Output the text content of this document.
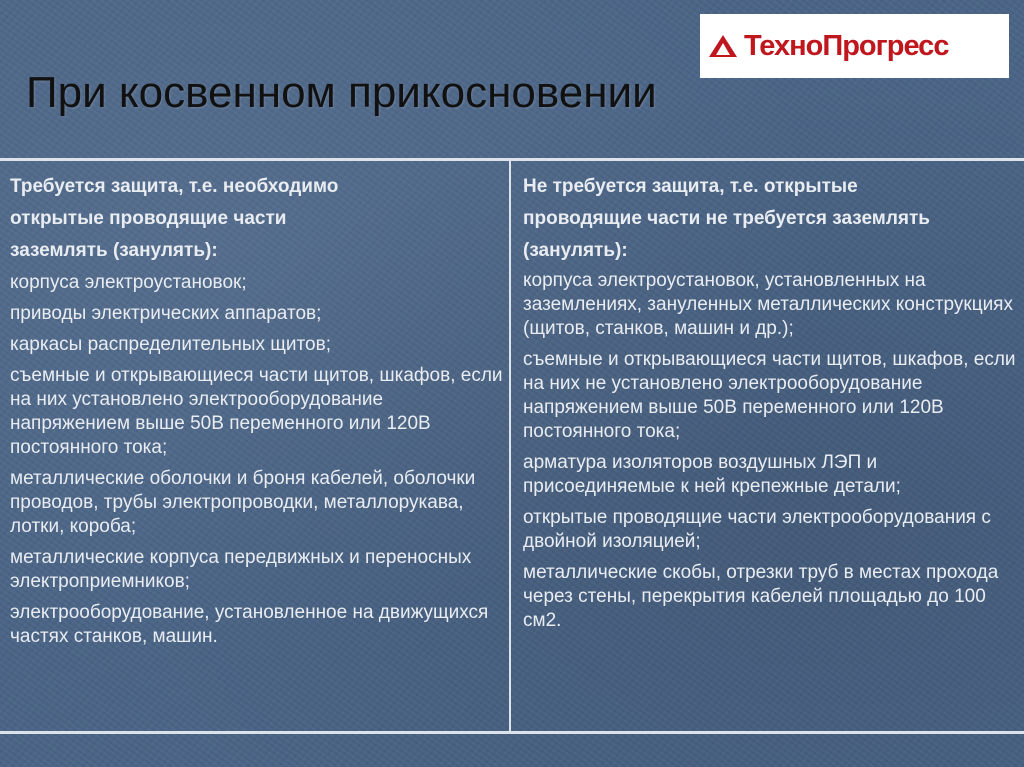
ТехноПрогресс
При косвенном прикосновении
Требуется защита, т.е. необходимо открытые проводящие части заземлять (занулять):
корпуса электроустановок;
приводы электрических аппаратов;
каркасы распределительных щитов;
съемные и открывающиеся части щитов, шкафов, если на них установлено электрооборудование напряжением выше 50В переменного или 120В постоянного тока;
металлические оболочки и броня кабелей, оболочки проводов, трубы электропроводки, металлорукава, лотки, короба;
металлические корпуса передвижных и переносных электроприемников;
электрооборудование, установленное на движущихся частях станков, машин.
Не требуется защита, т.е. открытые проводящие части не требуется заземлять (занулять):
корпуса электроустановок, установленных на заземлениях, зануленных металлических конструкциях (щитов, станков, машин и др.);
съемные и открывающиеся части щитов, шкафов, если на них не установлено электрооборудование напряжением выше 50В переменного или 120В постоянного тока;
арматура изоляторов воздушных ЛЭП и присоединяемые к ней крепежные детали;
открытые проводящие части электрооборудования с двойной изоляцией;
металлические скобы, отрезки труб в местах прохода через стены, перекрытия кабелей площадью до 100 см2.
